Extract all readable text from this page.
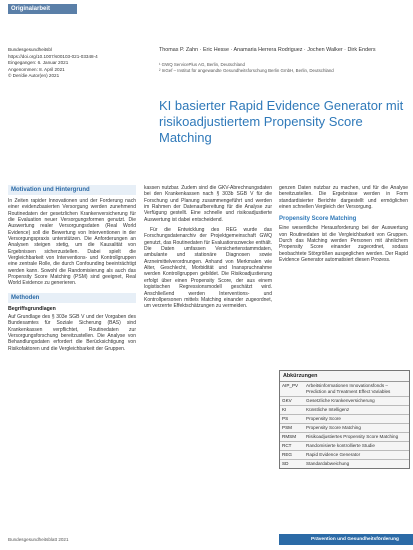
Originalarbeit
Bundesgesundheitsbl
https://doi.org/10.1007/s00103-021-03348-4
Eingegangen: 6. Januar 2021
Angenommen: 8. April 2021
© Der/die Autor(en) 2021
Thomas P. Zahn · Eric Hesse · Anamaria Herrera Rodriguez · Jochen Walker · Dirk Enders
¹ GWQ ServicePlus AG, Berlin, Deutschland
² InGef – Institut für angewandte Gesundheitsforschung Berlin GmbH, Berlin, Deutschland
KI basierter Rapid Evidence Generator mit risikoadjustiertem Propensity Score Matching
Motivation und Hintergrund
In Zeiten rapider Innovationen und der Forderung nach einer evidenzbasierten Versorgung werden zunehmend Routinedaten der gesetzlichen Krankenversicherung für die Evaluation neuer Versorgungsformen genutzt. Die Auswertung realer Versorgungsdaten (Real World Evidence) soll die Bewertung von Interventionen in der Versorgungspraxis unterstützen. Die Anforderungen an Analysen steigen stetig, um die Kausalität von Ergebnissen sicherzustellen. Dabei spielt die Vergleichbarkeit von Interventions- und Kontrollgruppen eine zentrale Rolle, die durch Confounding beeinträchtigt werden kann. Sowohl die Randomisierung als auch das Propensity Score Matching (PSM) sind geeignet, Real World Evidence zu generieren.
Methoden
Begriffsgrundlagen
Auf Grundlage des § 303e SGB V und der Vorgaben des Bundesamtes für Soziale Sicherung (BAS) sind Krankenkassen verpflichtet, Routinedaten zur Versorgungsforschung bereitzustellen. Die Analyse von Behandlungsdaten erfordert die Berücksichtigung von Risikofaktoren und die Vergleichbarkeit der Gruppen.
kassen nutzbar. Zudem sind die GKV-Abrechnungsdaten bei den Krankenkassen nach § 303b SGB V für die Forschung und Planung zusammengeführt und werden im Rahmen der Datenaufbereitung für die Analyse zur Verfügung gestellt. Eine schnelle und risikoadjustierte Auswertung ist dabei entscheidend.
Für die Entwicklung des REG wurde das Forschungsdatenarchiv der Projektgemeinschaft GWQ genutzt, das Routinedaten für Evaluationszwecke enthält. Die Daten umfassen Versichertenstammdaten, ambulante und stationäre Diagnosen sowie Arzneimittelverordnungen. Anhand von Merkmalen wie Alter, Geschlecht, Morbidität und Inanspruchnahme werden Kontrollgruppen gebildet. Die Risikoadjustierung erfolgt über einen Propensity Score, der aus einem logistischen Regressionsmodell geschätzt wird. Anschließend werden Interventions- und Kontrollpersonen mittels Matching einander zugeordnet, um verzerrte Effektschätzungen zu vermeiden.
genzen Daten nutzbar zu machen, und für die Analyse bereitzustellen. Die Ergebnisse werden in Form standardisierter Berichte dargestellt und ermöglichen einen schnellen Vergleich der Versorgung.
Propensity Score Matching
Eine wesentliche Herausforderung bei der Auswertung von Routinedaten ist die Vergleichbarkeit von Gruppen. Durch das Matching werden Personen mit ähnlichem Propensity Score einander zugeordnet, sodass beobachtete Störgrößen ausgeglichen werden. Der Rapid Evidence Generator automatisiert diesen Prozess.
Abkürzungen
AIP_PV	Arbeitsinformationen Innovationsfonds – Prediction and Treatment Effect Variables
GKV	Gesetzliche Krankenversicherung
KI	Künstliche Intelligenz
PS	Propensity Score
PSM	Propensity Score Matching
RMSM	Risikoadjustiertes Propensity Score Matching
RCT	Randomisierte kontrollierte Studie
REG	Rapid Evidence Generator
SD	Standardabweichung
Bundesgesundheitsblatt 2021	Prävention und Gesundheitsförderung
